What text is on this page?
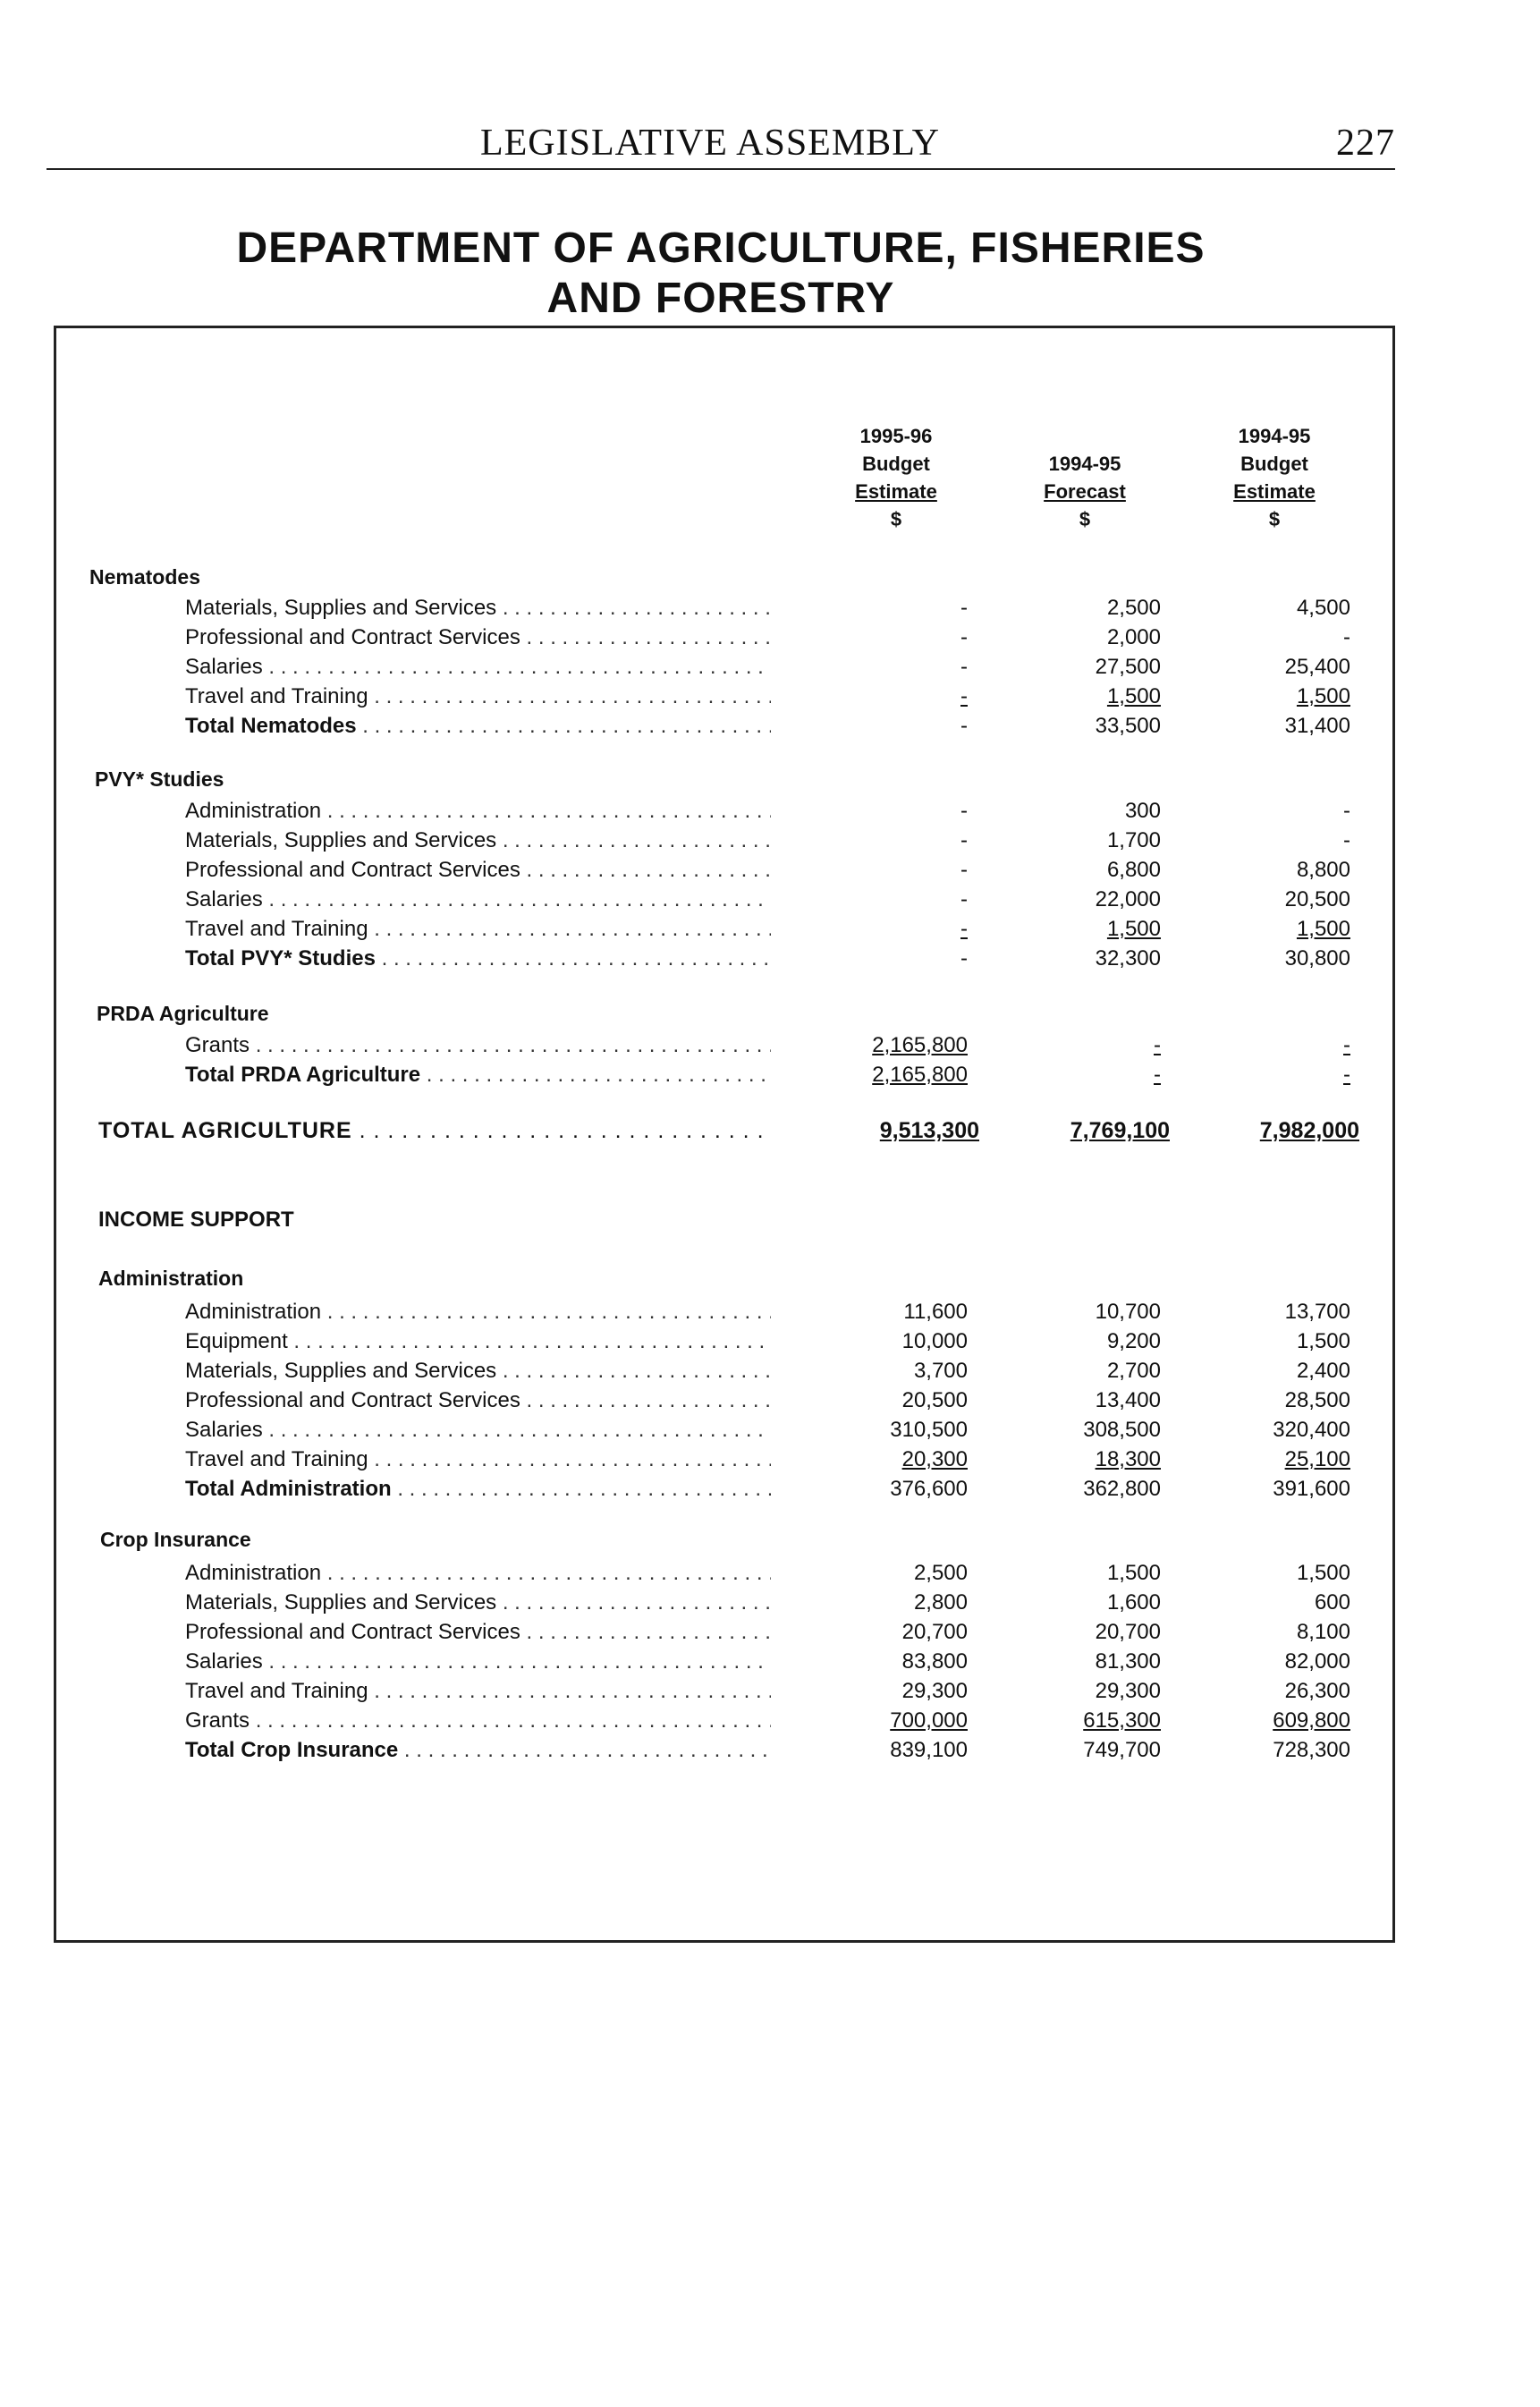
LEGISLATIVE ASSEMBLY	227
DEPARTMENT OF AGRICULTURE, FISHERIES
AND FORESTRY
1995-96
Budget
Estimate
$
1994-95
Forecast
$
1994-95
Budget
Estimate
$
Nematodes
Materials, Supplies and Services . . .	-	2,500	4,500
Professional and Contract Services . . .	-	2,000	-
Salaries . . .	-	27,500	25,400
Travel and Training . . .	-	1,500	1,500
Total Nematodes . . .	-	33,500	31,400
PVY* Studies
Administration . . .	-	300	-
Materials, Supplies and Services . . .	-	1,700	-
Professional and Contract Services . . .	-	6,800	8,800
Salaries . . .	-	22,000	20,500
Travel and Training . . .	-	1,500	1,500
Total PVY* Studies . . .	-	32,300	30,800
PRDA Agriculture
Grants . . .	2,165,800	-	-
Total PRDA Agriculture . . .	2,165,800	-	-
TOTAL AGRICULTURE . . .	9,513,300	7,769,100	7,982,000
INCOME SUPPORT
Administration
Administration . . .	11,600	10,700	13,700
Equipment . . .	10,000	9,200	1,500
Materials, Supplies and Services . . .	3,700	2,700	2,400
Professional and Contract Services . . .	20,500	13,400	28,500
Salaries . . .	310,500	308,500	320,400
Travel and Training . . .	20,300	18,300	25,100
Total Administration . . .	376,600	362,800	391,600
Crop Insurance
Administration . . .	2,500	1,500	1,500
Materials, Supplies and Services . . .	2,800	1,600	600
Professional and Contract Services . . .	20,700	20,700	8,100
Salaries . . .	83,800	81,300	82,000
Travel and Training . . .	29,300	29,300	26,300
Grants . . .	700,000	615,300	609,800
Total Crop Insurance . . .	839,100	749,700	728,300
